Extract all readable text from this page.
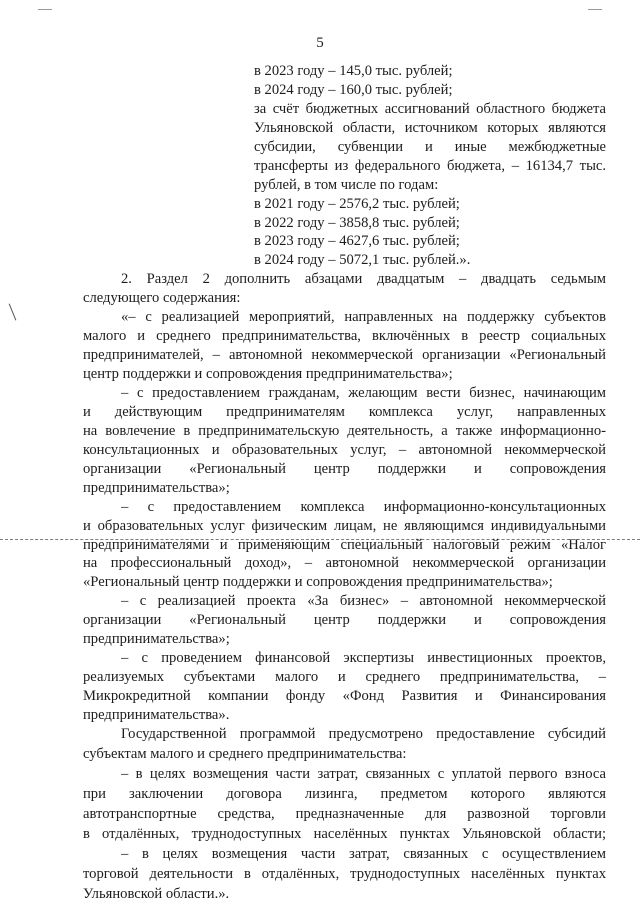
5
в 2023 году – 145,0 тыс. рублей;
в 2024 году – 160,0 тыс. рублей;
за счёт бюджетных ассигнований областного бюджета
Ульяновской области, источником которых являются
субсидии, субвенции и иные межбюджетные
трансферты из федерального бюджета, – 16134,7 тыс.
рублей, в том числе по годам:
в 2021 году – 2576,2 тыс. рублей;
в 2022 году – 3858,8 тыс. рублей;
в 2023 году – 4627,6 тыс. рублей;
в 2024 году – 5072,1 тыс. рублей.».
2. Раздел 2 дополнить абзацами двадцатым – двадцать седьмым
следующего содержания:
«– с реализацией мероприятий, направленных на поддержку субъектов
малого и среднего предпринимательства, включённых в реестр социальных
предпринимателей, – автономной некоммерческой организации «Региональный
центр поддержки и сопровождения предпринимательства»;
– с предоставлением гражданам, желающим вести бизнес, начинающим
и действующим предпринимателям комплекса услуг, направленных
на вовлечение в предпринимательскую деятельность, а также информационно-
консультационных и образовательных услуг, – автономной некоммерческой
организации «Региональный центр поддержки и сопровождения
предпринимательства»;
– с предоставлением комплекса информационно-консультационных
и образовательных услуг физическим лицам, не являющимся индивидуальными
предпринимателями и применяющим специальный налоговый режим «Налог
на профессиональный доход», – автономной некоммерческой организации
«Региональный центр поддержки и сопровождения предпринимательства»;
– с реализацией проекта «За бизнес» – автономной некоммерческой
организации «Региональный центр поддержки и сопровождения
предпринимательства»;
– с проведением финансовой экспертизы инвестиционных проектов,
реализуемых субъектами малого и среднего предпринимательства, –
Микрокредитной компании фонду «Фонд Развития и Финансирования
предпринимательства».
Государственной программой предусмотрено предоставление субсидий
субъектам малого и среднего предпринимательства:
– в целях возмещения части затрат, связанных с уплатой первого взноса
при заключении договора лизинга, предметом которого являются
автотранспортные средства, предназначенные для развозной торговли
в отдалённых, труднодоступных населённых пунктах Ульяновской области;
– в целях возмещения части затрат, связанных с осуществлением
торговой деятельности в отдалённых, труднодоступных населённых пунктах
Ульяновской области.».
